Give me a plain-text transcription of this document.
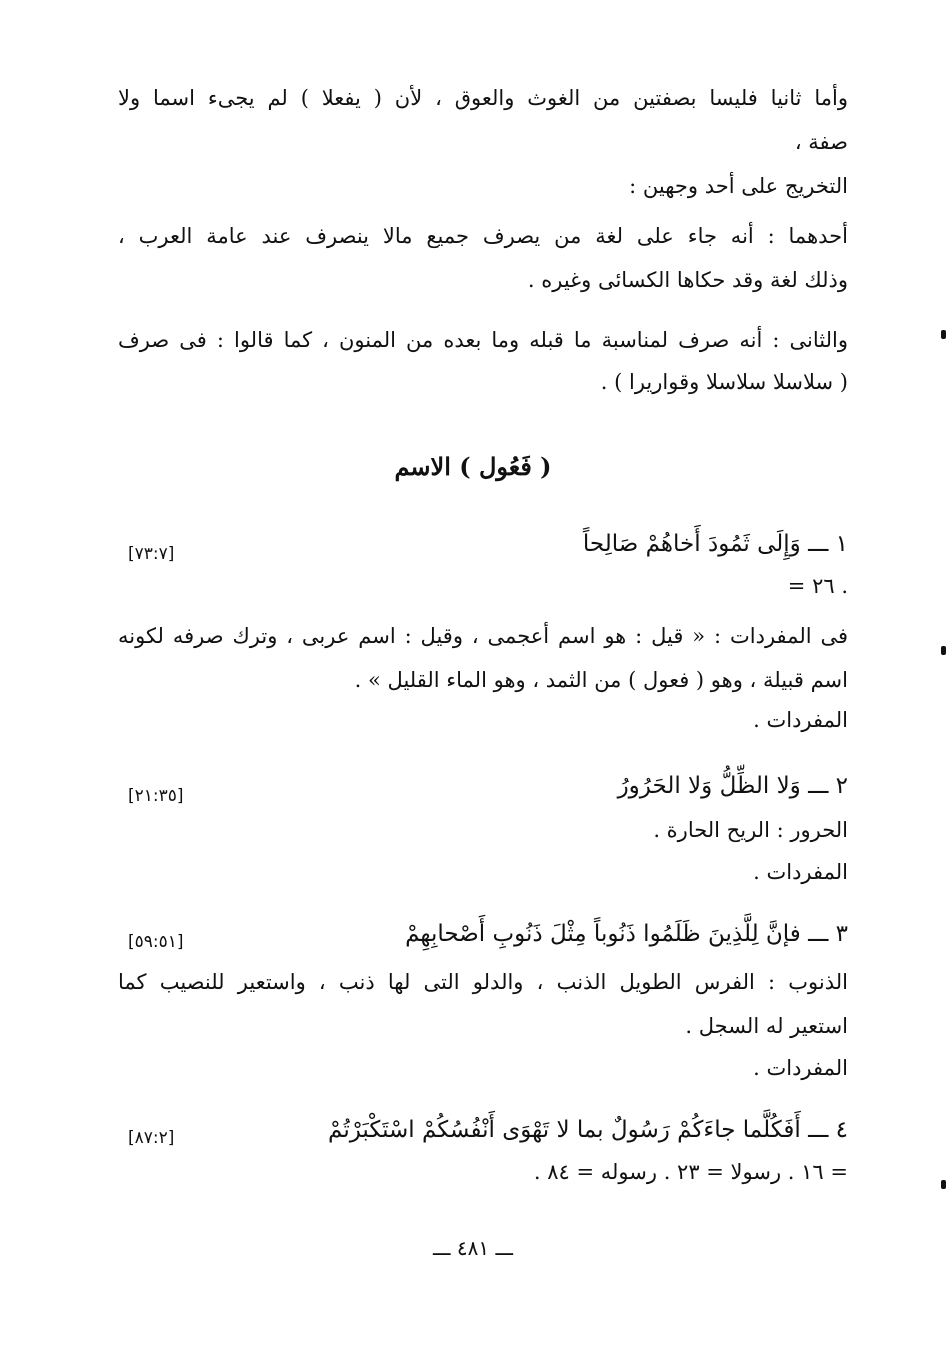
وأما ثانيا فليسا بصفتين من الغوث والعوق ، لأن ( يفعلا ) لم يجىء اسما ولا
صفة ،
التخريج على أحد وجهين :
أحدهما : أنه جاء على لغة من يصرف جميع مالا ينصرف عند عامة العرب ،
وذلك لغة وقد حكاها الكسائى وغيره .
والثانى : أنه صرف لمناسبة ما قبله وما بعده من المنون ، كما قالوا : فى صرف
( سلاسلا سلاسلا وقواريرا ) .
( فَعُول ) الاسم
١ ـــ وَإِلَى ثَمُودَ أَخاهُمْ صَالِحاً
[٧٣:٧]
= ٢٦ .
فى المفردات : « قيل : هو اسم أعجمى ، وقيل : اسم عربى ، وترك صرفه لكونه
اسم قبيلة ، وهو ( فعول ) من الثمد ، وهو الماء القليل » .
المفردات .
٢ ـــ وَلا الظِّلُّ وَلا الحَرُورُ
[٢١:٣٥]
الحرور : الريح الحارة .
المفردات .
٣ ـــ فإنَّ لِلَّذِينَ ظَلَمُوا ذَنُوباً مِثْلَ ذَنُوبِ أَصْحابِهِمْ
[٥٩:٥١]
الذنوب : الفرس الطويل الذنب ، والدلو التى لها ذنب ، واستعير للنصيب كما
استعير له السجل .
المفردات .
٤ ـــ أَفَكُلَّما جاءَكُمْ رَسُولٌ بما لا تَهْوَى أَنْفُسُكُمْ اسْتَكْبَرْتُمْ
[٨٧:٢]
= ١٦ . رسولا = ٢٣ . رسوله = ٨٤ .
ـــ ٤٨١ ـــ
